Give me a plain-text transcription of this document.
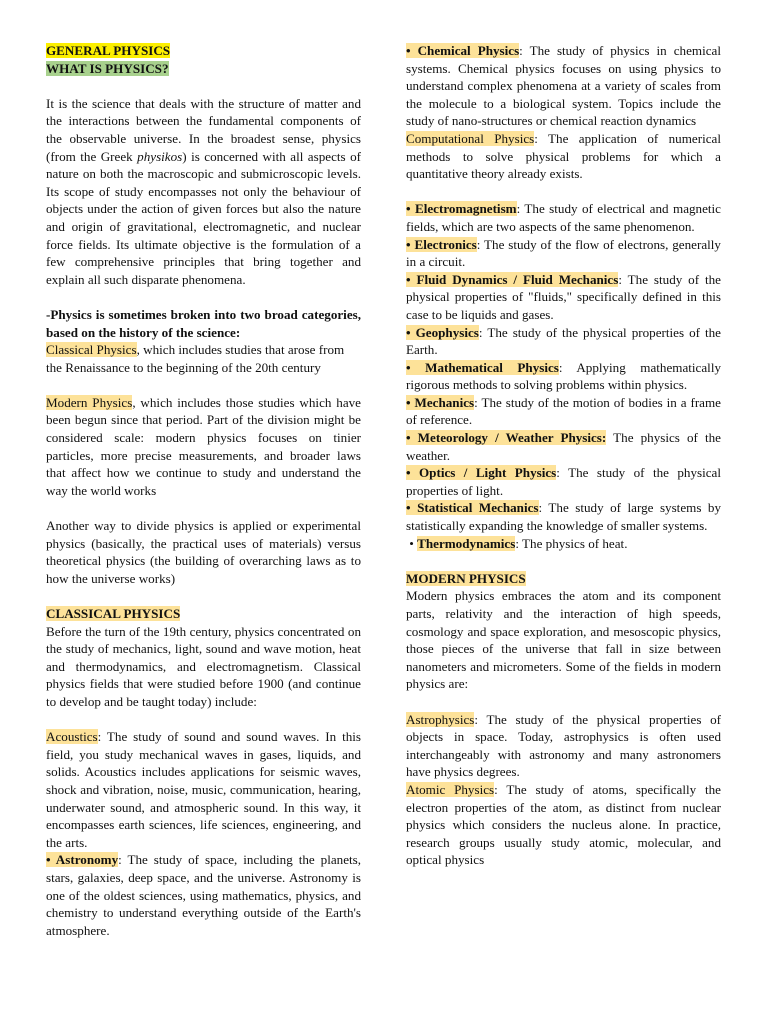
GENERAL PHYSICS

WHAT IS PHYSICS?

It is the science that deals with the structure of matter and the interactions between the fundamental components of the observable universe. In the broadest sense, physics (from the Greek physikos) is concerned with all aspects of nature on both the macroscopic and submicroscopic levels. Its scope of study encompasses not only the behaviour of objects under the action of given forces but also the nature and origin of gravitational, electromagnetic, and nuclear force fields. Its ultimate objective is the formulation of a few comprehensive principles that bring together and explain all such disparate phenomena.

-Physics is sometimes broken into two broad categories, based on the history of the science:

Classical Physics, which includes studies that arose from the Renaissance to the beginning of the 20th century

Modern Physics, which includes those studies which have been begun since that period. Part of the division might be considered scale: modern physics focuses on tinier particles, more precise measurements, and broader laws that affect how we continue to study and understand the way the world works

Another way to divide physics is applied or experimental physics (basically, the practical uses of materials) versus theoretical physics (the building of overarching laws as to how the universe works)

CLASSICAL PHYSICS

Before the turn of the 19th century, physics concentrated on the study of mechanics, light, sound and wave motion, heat and thermodynamics, and electromagnetism. Classical physics fields that were studied before 1900 (and continue to develop and be taught today) include:

Acoustics: The study of sound and sound waves. In this field, you study mechanical waves in gases, liquids, and solids. Acoustics includes applications for seismic waves, shock and vibration, noise, music, communication, hearing, underwater sound, and atmospheric sound. In this way, it encompasses earth sciences, life sciences, engineering, and the arts.

• Astronomy: The study of space, including the planets, stars, galaxies, deep space, and the universe. Astronomy is one of the oldest sciences, using mathematics, physics, and chemistry to understand everything outside of the Earth's atmosphere.

• Chemical Physics: The study of physics in chemical systems. Chemical physics focuses on using physics to understand complex phenomena at a variety of scales from the molecule to a biological system. Topics include the study of nano-structures or chemical reaction dynamics

Computational Physics: The application of numerical methods to solve physical problems for which a quantitative theory already exists.

• Electromagnetism: The study of electrical and magnetic fields, which are two aspects of the same phenomenon.

• Electronics: The study of the flow of electrons, generally in a circuit.

• Fluid Dynamics / Fluid Mechanics: The study of the physical properties of "fluids," specifically defined in this case to be liquids and gases.

• Geophysics: The study of the physical properties of the Earth.

• Mathematical Physics: Applying mathematically rigorous methods to solving problems within physics.

• Mechanics: The study of the motion of bodies in a frame of reference.

• Meteorology / Weather Physics: The physics of the weather.

• Optics / Light Physics: The study of the physical properties of light.

• Statistical Mechanics: The study of large systems by statistically expanding the knowledge of smaller systems.

• Thermodynamics: The physics of heat.

MODERN PHYSICS

Modern physics embraces the atom and its component parts, relativity and the interaction of high speeds, cosmology and space exploration, and mesoscopic physics, those pieces of the universe that fall in size between nanometers and micrometers. Some of the fields in modern physics are:

Astrophysics: The study of the physical properties of objects in space. Today, astrophysics is often used interchangeably with astronomy and many astronomers have physics degrees.

Atomic Physics: The study of atoms, specifically the electron properties of the atom, as distinct from nuclear physics which considers the nucleus alone. In practice, research groups usually study atomic, molecular, and optical physics
